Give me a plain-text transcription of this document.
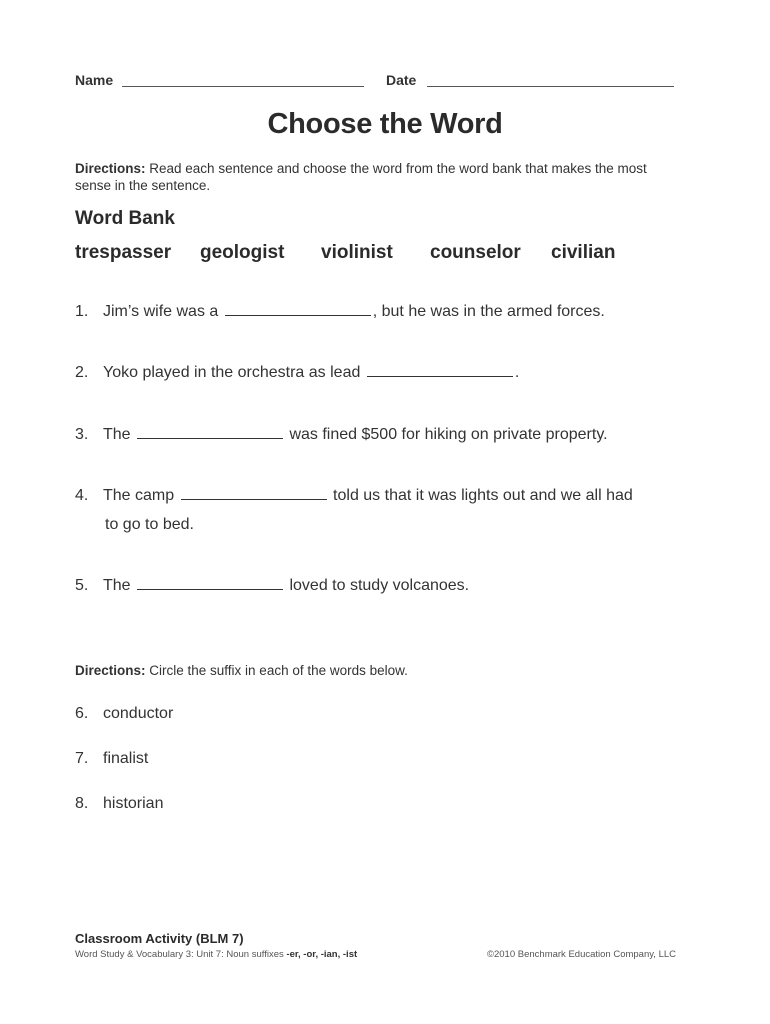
Name	Date
Choose the Word
Directions: Read each sentence and choose the word from the word bank that makes the most sense in the sentence.
Word Bank
trespasser geologist violinist counselor civilian
1. Jim’s wife was a	, but he was in the armed forces.
2. Yoko played in the orchestra as lead	.
3. The	was fined $500 for hiking on private property.
4. The camp	told us that it was lights out and we all had
to go to bed.
5. The	loved to study volcanoes.
Directions: Circle the suffix in each of the words below.
6. conductor
7. finalist
8. historian
Classroom Activity (BLM 7)
Word Study & Vocabulary 3: Unit 7: Noun suffixes -er, -or, -ian, -ist	©2010 Benchmark Education Company, LLC
